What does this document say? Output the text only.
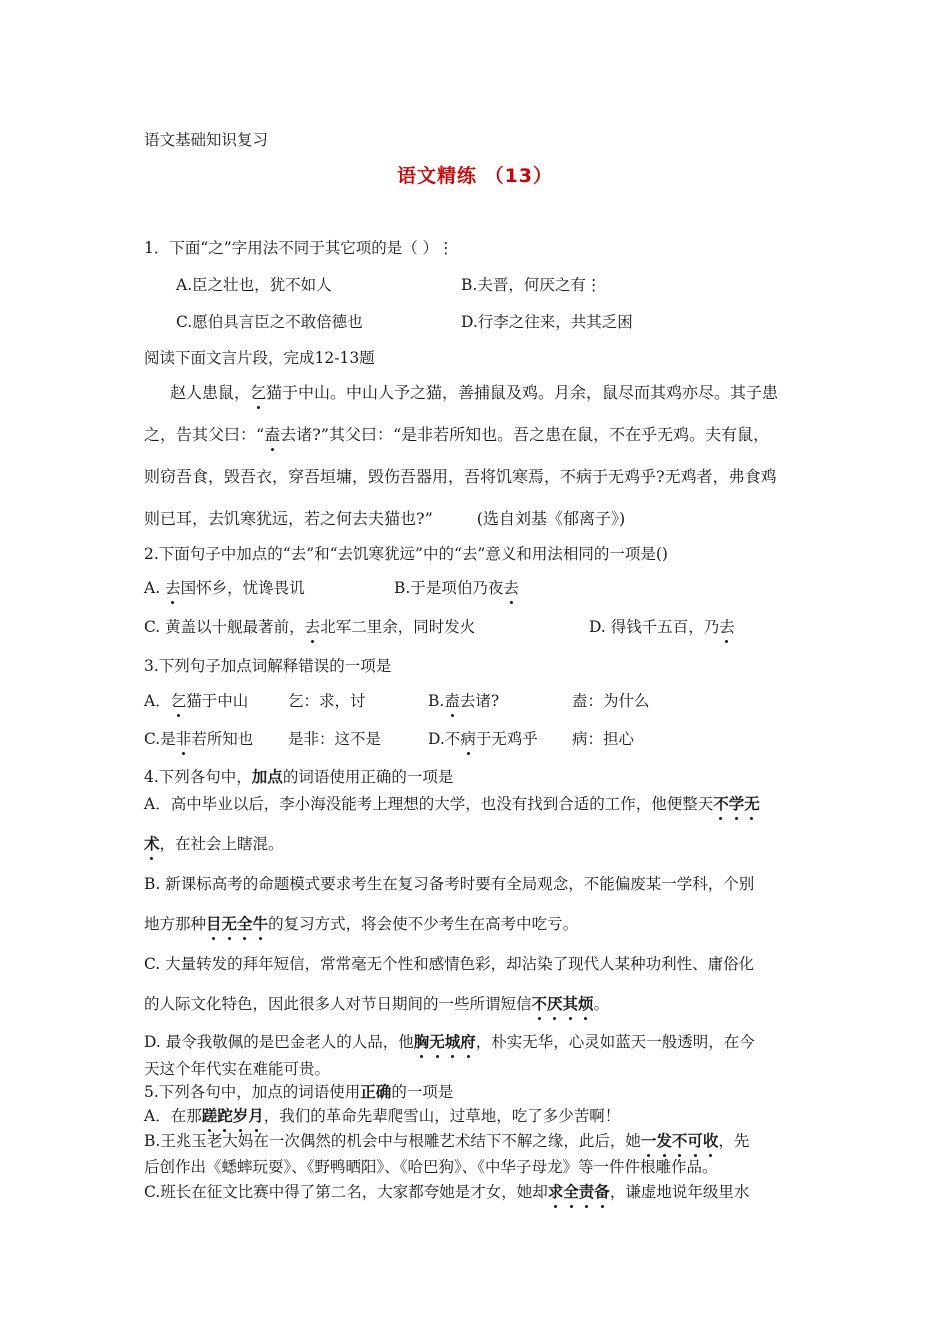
语文基础知识复习
语文精练 （13）
1．下面“之”字用法不同于其它项的是（ ）⋮
A.臣之壮也，犹不如人	B.夫晋，何厌之有⋮
C.愿伯具言臣之不敢倍德也	D.行李之往来，共其乏困
阅读下面文言片段，完成12-13题
赵人患鼠，乞猫于中山。中山人予之猫，善捕鼠及鸡。月余，鼠尽而其鸡亦尽。其子患
之，告其父曰：“盍去诸?”其父曰：“是非若所知也。吾之患在鼠，不在乎无鸡。夫有鼠，
则窃吾食，毁吾衣，穿吾垣墉，毁伤吾器用，吾将饥寒焉，不病于无鸡乎?无鸡者，弗食鸡
则已耳，去饥寒犹远，若之何去夫猫也?”	(选自刘基《郁离子》)
2.下面句子中加点的“去”和“去饥寒犹远”中的“去”意义和用法相同的一项是()
A. 去国怀乡，忧谗畏讥	B.于是项伯乃夜去
C. 黄盖以十舰最著前，去北军二里余，同时发火	D. 得钱千五百，乃去
3.下列句子加点词解释错误的一项是
A．乞猫于中山	乞：求，讨	B.盍去诸?	盍：为什么
C.是非若所知也	是非：这不是	D.不病于无鸡乎	病：担心
4.下列各句中，加点的词语使用正确的一项是
A．高中毕业以后，李小海没能考上理想的大学，也没有找到合适的工作，他便整天不学无
术，在社会上瞎混。
B. 新课标高考的命题模式要求考生在复习备考时要有全局观念，不能偏废某一学科，个别
地方那种目无全牛的复习方式，将会使不少考生在高考中吃亏。
C. 大量转发的拜年短信，常常毫无个性和感情色彩，却沾染了现代人某种功利性、庸俗化
的人际文化特色，因此很多人对节日期间的一些所谓短信不厌其烦。
D. 最令我敬佩的是巴金老人的人品，他胸无城府，朴实无华，心灵如蓝天一般透明，在今
天这个年代实在难能可贵。
5.下列各句中，加点的词语使用正确的一项是
A．在那蹉跎岁月，我们的革命先辈爬雪山，过草地，吃了多少苦啊！
B.王兆玉老大妈在一次偶然的机会中与根雕艺术结下不解之缘，此后，她一发不可收，先
后创作出《蟋蟀玩耍》、《野鸭晒阳》、《哈巴狗》、《中华子母龙》等一件件根雕作品。
C.班长在征文比赛中得了第二名，大家都夸她是才女，她却求全责备，谦虚地说年级里水
